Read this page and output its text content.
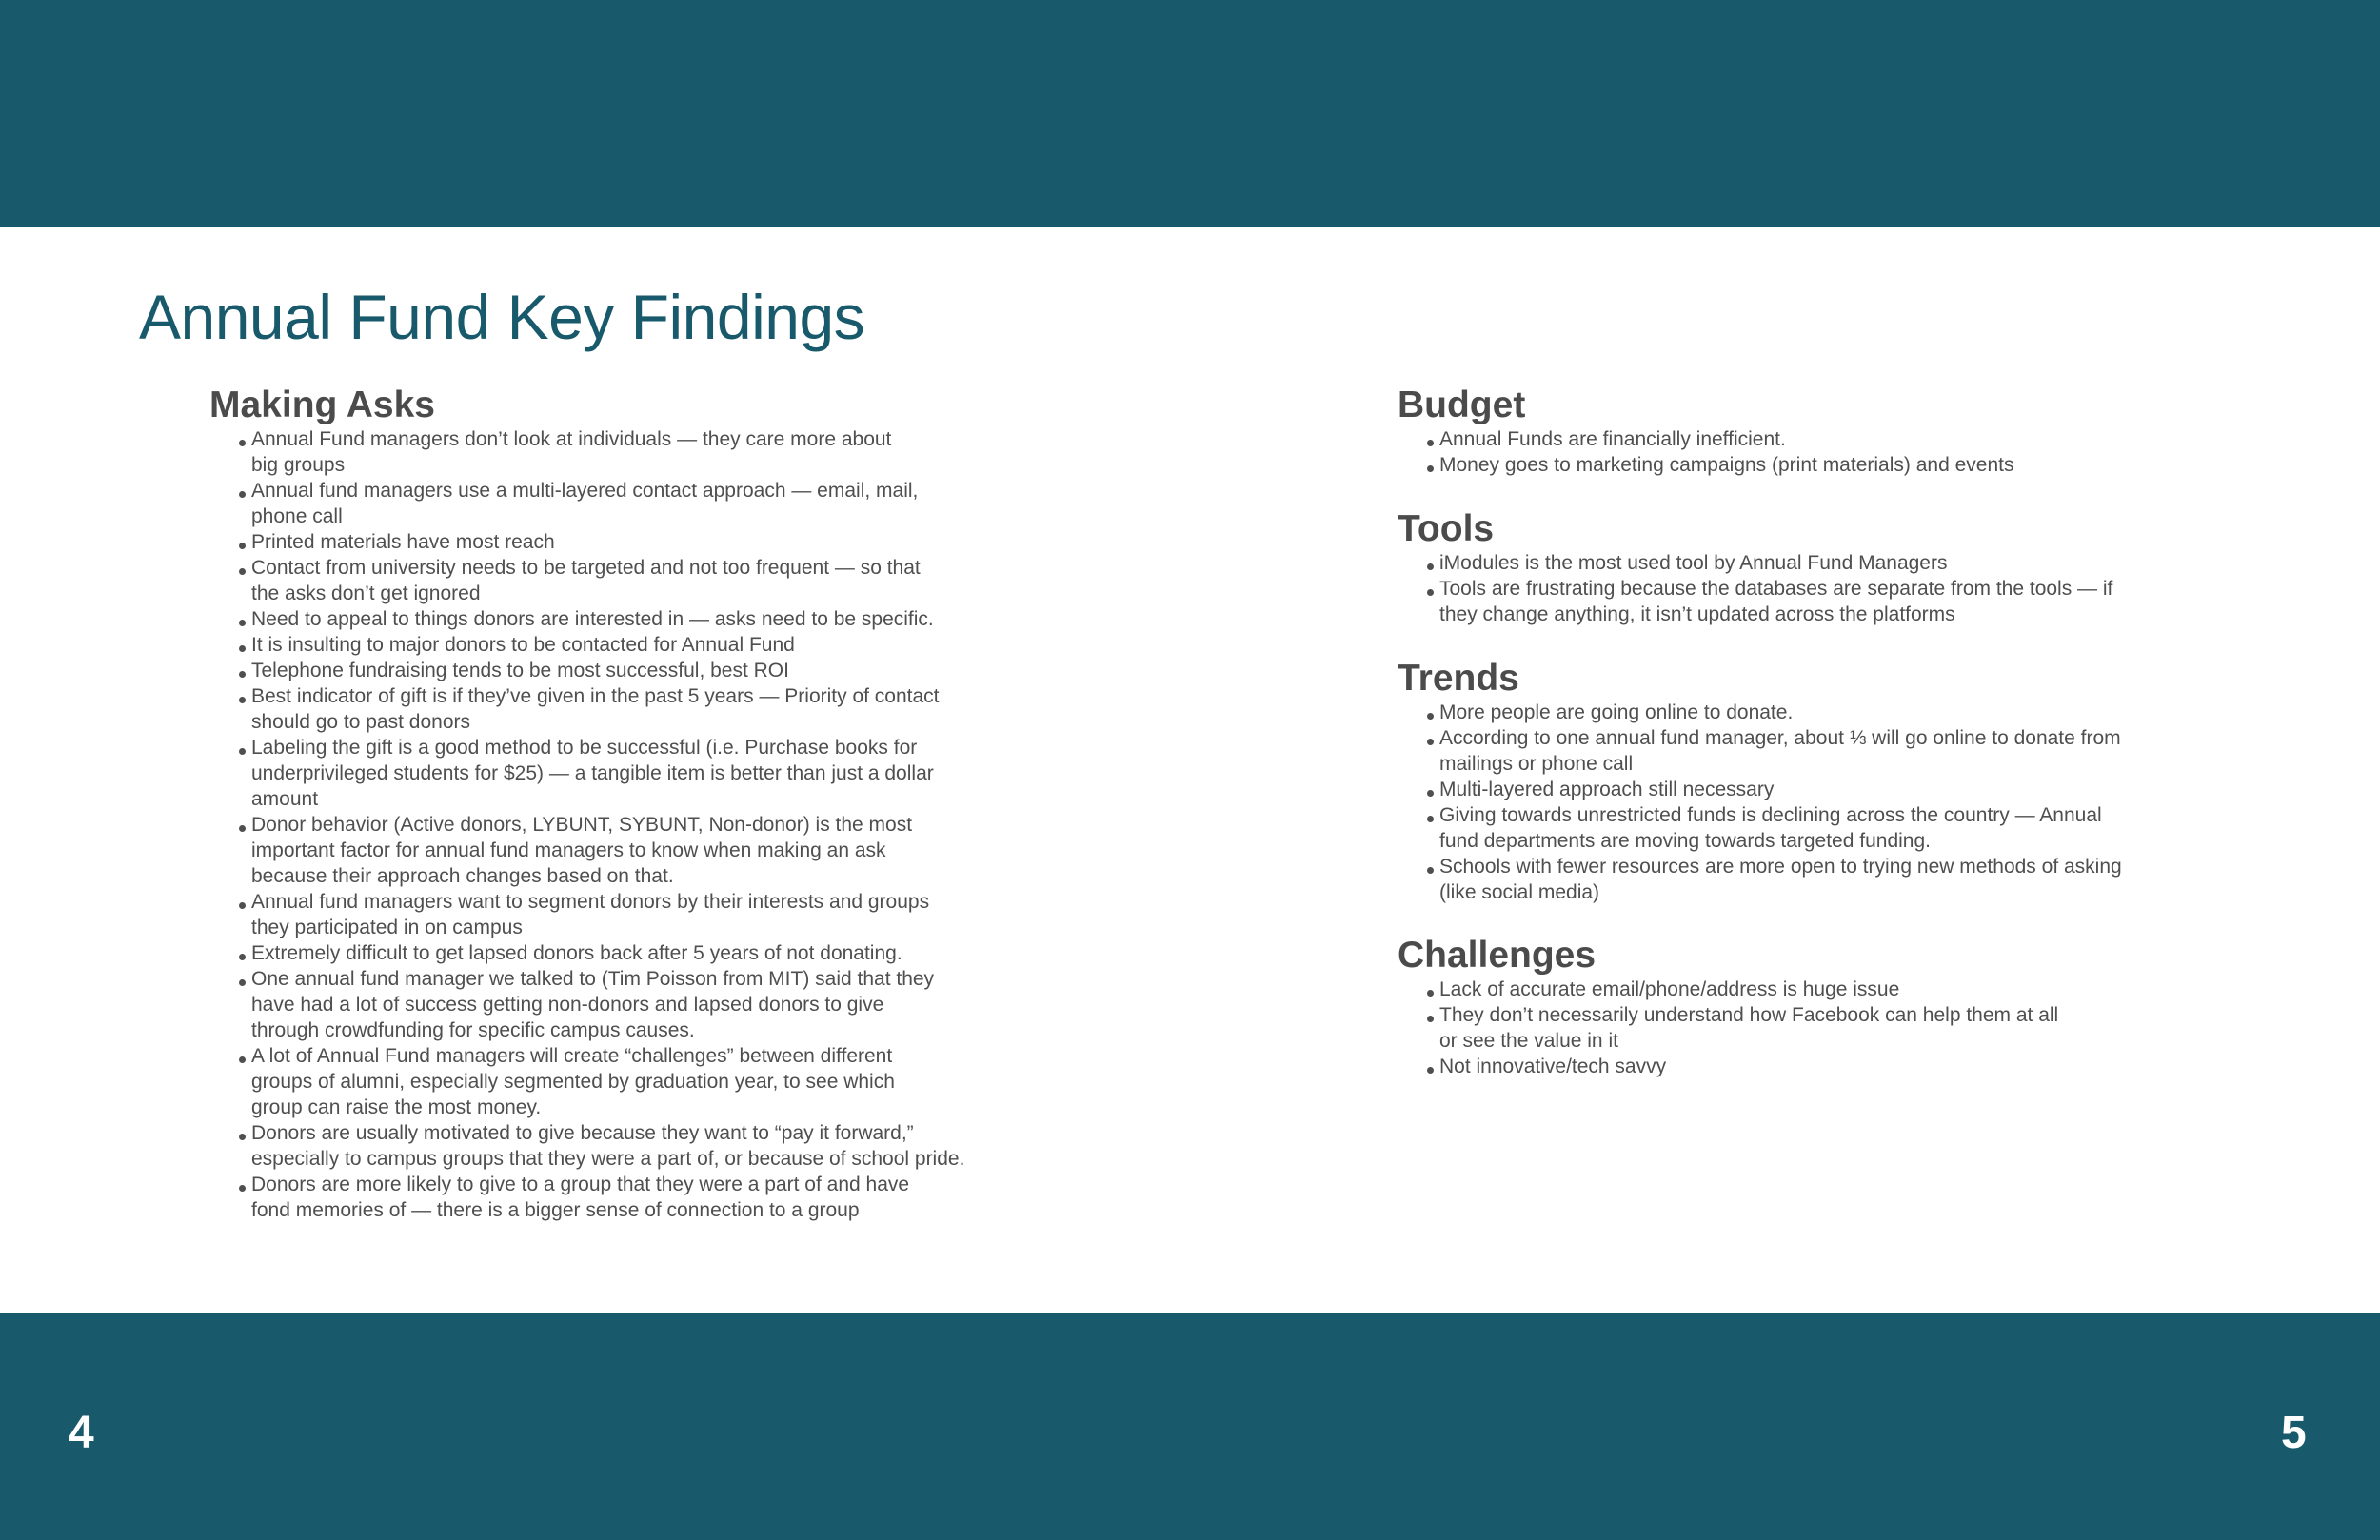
Annual Fund Key Findings
Making Asks
Annual Fund managers don’t look at individuals — they care more about
big groups
Annual fund managers use a multi-layered contact approach — email, mail,
phone call
Printed materials have most reach
Contact from university needs to be targeted and not too frequent — so that
the asks don’t get ignored
Need to appeal to things donors are interested in — asks need to be specific.
It is insulting to major donors to be contacted for Annual Fund
Telephone fundraising tends to be most successful, best ROI
Best indicator of gift is if they’ve given in the past 5 years — Priority of contact
should go to past donors
Labeling the gift is a good method to be successful (i.e. Purchase books for
underprivileged students for $25) — a tangible item is better than just a dollar
amount
Donor behavior (Active donors, LYBUNT, SYBUNT, Non-donor) is the most
important factor for annual fund managers to know when making an ask
because their approach changes based on that.
Annual fund managers want to segment donors by their interests and groups
they participated in on campus
Extremely difficult to get lapsed donors back after 5 years of not donating.
One annual fund manager we talked to (Tim Poisson from MIT) said that they
have had a lot of success getting non-donors and lapsed donors to give
through crowdfunding for specific campus causes.
A lot of Annual Fund managers will create “challenges” between different
groups of alumni, especially segmented by graduation year, to see which
group can raise the most money.
Donors are usually motivated to give because they want to “pay it forward,”
especially to campus groups that they were a part of, or because of school pride.
Donors are more likely to give to a group that they were a part of and have
fond memories of — there is a bigger sense of connection to a group
Budget
Annual Funds are financially inefficient.
Money goes to marketing campaigns (print materials) and events
Tools
iModules is the most used tool by Annual Fund Managers
Tools are frustrating because the databases are separate from the tools — if
they change anything, it isn’t updated across the platforms
Trends
More people are going online to donate.
According to one annual fund manager, about ⅓ will go online to donate from
mailings or phone call
Multi-layered approach still necessary
Giving towards unrestricted funds is declining across the country — Annual
fund departments are moving towards targeted funding.
Schools with fewer resources are more open to trying new methods of asking
(like social media)
Challenges
Lack of accurate email/phone/address is huge issue
They don’t necessarily understand how Facebook can help them at all
or see the value in it
Not innovative/tech savvy
4	5
